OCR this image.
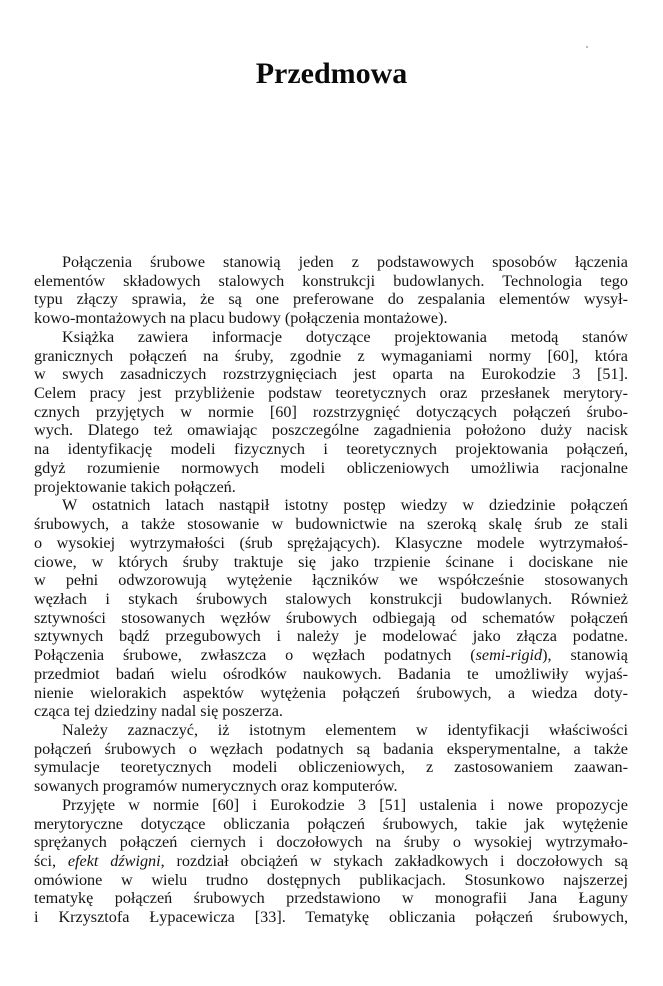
Przedmowa
Połączenia śrubowe stanowią jeden z podstawowych sposobów łączenia
elementów składowych stalowych konstrukcji budowlanych. Technologia tego
typu złączy sprawia, że są one preferowane do zespalania elementów wysył-
kowo-montażowych na placu budowy (połączenia montażowe).
Książka zawiera informacje dotyczące projektowania metodą stanów
granicznych połączeń na śruby, zgodnie z wymaganiami normy [60], która
w swych zasadniczych rozstrzygnięciach jest oparta na Eurokodzie 3 [51].
Celem pracy jest przybliżenie podstaw teoretycznych oraz przesłanek merytory-
cznych przyjętych w normie [60] rozstrzygnięć dotyczących połączeń śrubo-
wych. Dlatego też omawiając poszczególne zagadnienia położono duży nacisk
na identyfikację modeli fizycznych i teoretycznych projektowania połączeń,
gdyż rozumienie normowych modeli obliczeniowych umożliwia racjonalne
projektowanie takich połączeń.
W ostatnich latach nastąpił istotny postęp wiedzy w dziedzinie połączeń
śrubowych, a także stosowanie w budownictwie na szeroką skalę śrub ze stali
o wysokiej wytrzymałości (śrub sprężających). Klasyczne modele wytrzymałoś-
ciowe, w których śruby traktuje się jako trzpienie ścinane i dociskane nie
w pełni odwzorowują wytężenie łączników we współcześnie stosowanych
węzłach i stykach śrubowych stalowych konstrukcji budowlanych. Również
sztywności stosowanych węzłów śrubowych odbiegają od schematów połączeń
sztywnych bądź przegubowych i należy je modelować jako złącza podatne.
Połączenia śrubowe, zwłaszcza o węzłach podatnych (semi-rigid), stanowią
przedmiot badań wielu ośrodków naukowych. Badania te umożliwiły wyjaś-
nienie wielorakich aspektów wytężenia połączeń śrubowych, a wiedza doty-
cząca tej dziedziny nadal się poszerza.
Należy zaznaczyć, iż istotnym elementem w identyfikacji właściwości
połączeń śrubowych o węzłach podatnych są badania eksperymentalne, a także
symulacje teoretycznych modeli obliczeniowych, z zastosowaniem zaawan-
sowanych programów numerycznych oraz komputerów.
Przyjęte w normie [60] i Eurokodzie 3 [51] ustalenia i nowe propozycje
merytoryczne dotyczące obliczania połączeń śrubowych, takie jak wytężenie
sprężanych połączeń ciernych i doczołowych na śruby o wysokiej wytrzymało-
ści, efekt dźwigni, rozdział obciążeń w stykach zakładkowych i doczołowych są
omówione w wielu trudno dostępnych publikacjach. Stosunkowo najszerzej
tematykę połączeń śrubowych przedstawiono w monografii Jana Łaguny
i Krzysztofa Łypacewicza [33]. Tematykę obliczania połączeń śrubowych,
